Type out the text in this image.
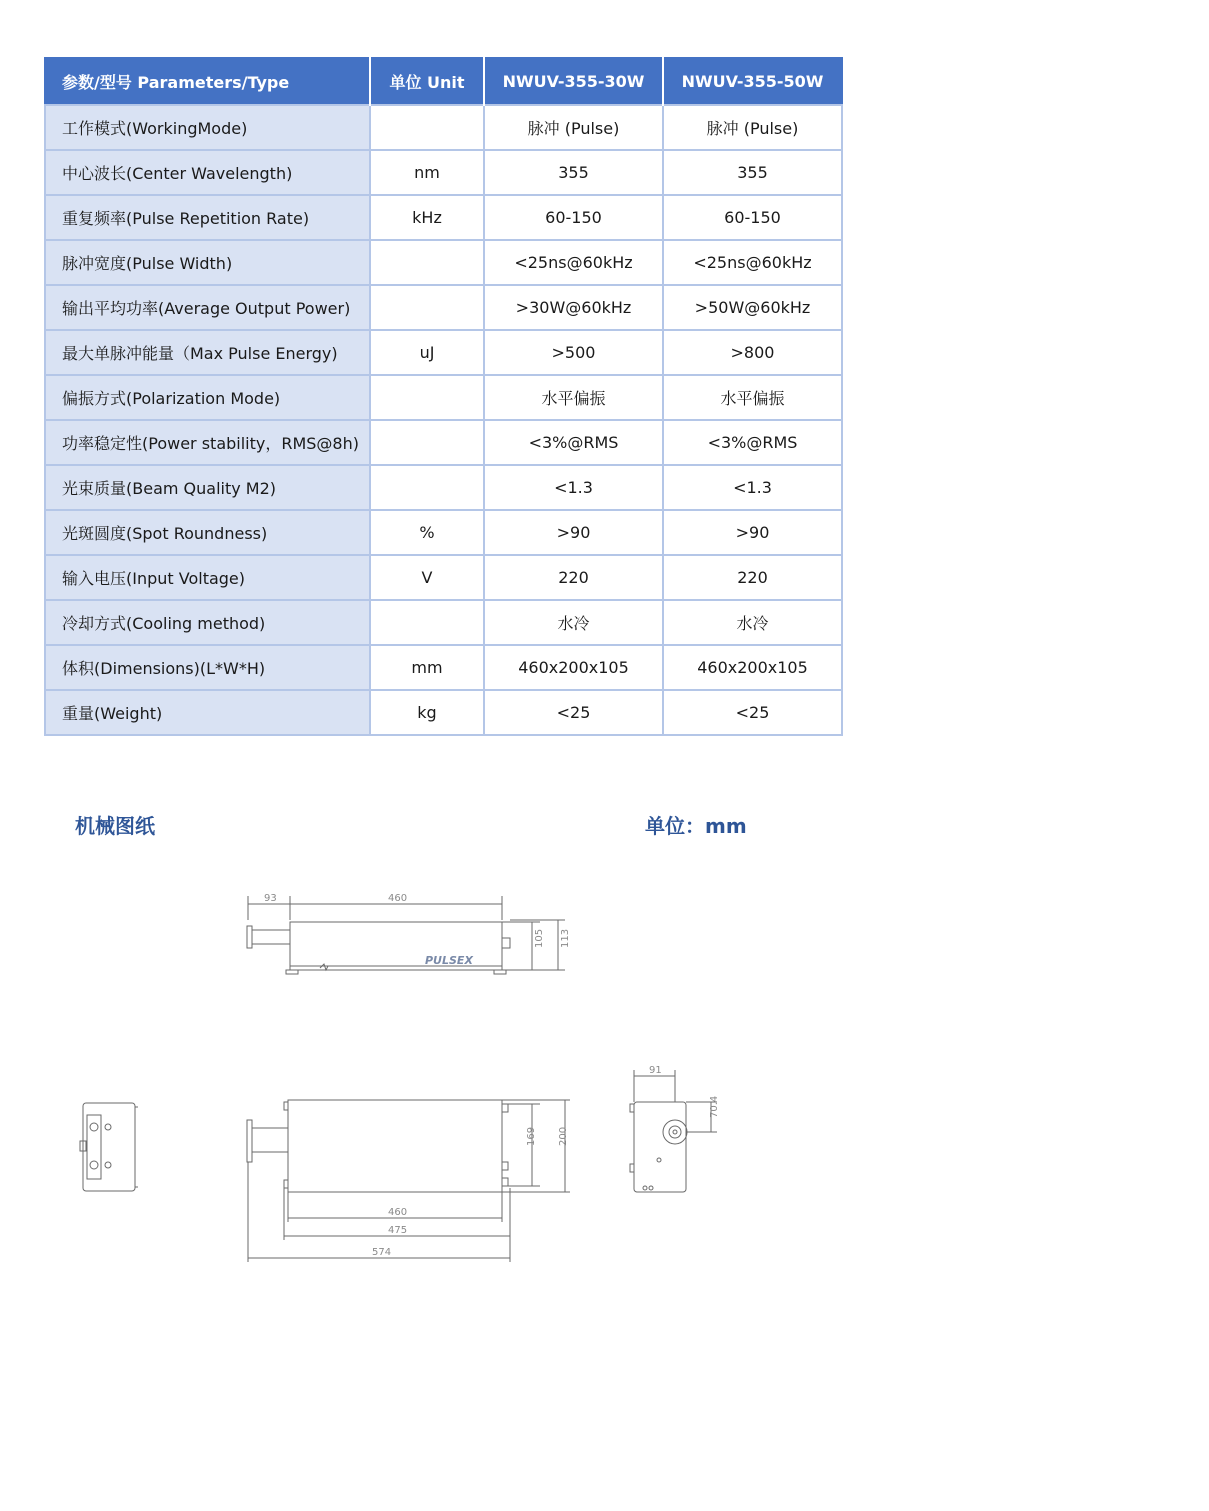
参数/型号 Parameters/Type	单位 Unit	NWUV-355-30W	NWUV-355-50W
工作模式(WorkingMode)		脉冲 (Pulse)	脉冲 (Pulse)
中心波长(Center Wavelength)	nm	355	355
重复频率(Pulse Repetition Rate)	kHz	60-150	60-150
脉冲宽度(Pulse Width)		<25ns@60kHz	<25ns@60kHz
输出平均功率(Average Output Power)		>30W@60kHz	>50W@60kHz
最大单脉冲能量（Max Pulse Energy)	uJ	>500	>800
偏振方式(Polarization Mode)		水平偏振	水平偏振
功率稳定性(Power stability，RMS@8h)		<3%@RMS	<3%@RMS
光束质量(Beam Quality M2)		<1.3	<1.3
光斑圆度(Spot Roundness)	%	>90	>90
输入电压(Input Voltage)	V	220	220
冷却方式(Cooling method)		水冷	水冷
体积(Dimensions)(L*W*H)	mm	460x200x105	460x200x105
重量(Weight)	kg	<25	<25
机械图纸	单位：mm
93	460
105 113
PULSEX
169 200
460
475
574
91
70.4
